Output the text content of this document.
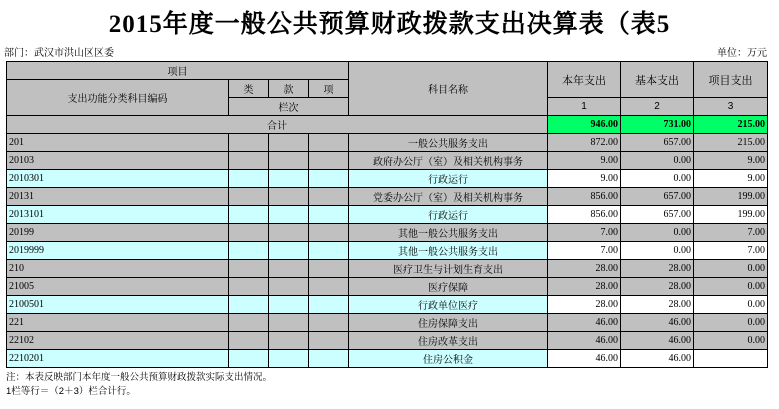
2015年度一般公共预算财政拨款支出决算表（表5
部门：武汉市洪山区区委	单位：万元
项目				科目名称	本年支出	基本支出	项目支出
支出功能分类科目编码	类	款	项				
	栏次				1	2	3
合计					946.00	731.00	215.00
201				一般公共服务支出	872.00	657.00	215.00
20103				政府办公厅（室）及相关机构事务	9.00	0.00	9.00
2010301				行政运行	9.00	0.00	9.00
20131				党委办公厅（室）及相关机构事务	856.00	657.00	199.00
2013101				行政运行	856.00	657.00	199.00
20199				其他一般公共服务支出	7.00	0.00	7.00
2019999				其他一般公共服务支出	7.00	0.00	7.00
210				医疗卫生与计划生育支出	28.00	28.00	0.00
21005				医疗保障	28.00	28.00	0.00
2100501				行政单位医疗	28.00	28.00	0.00
221				住房保障支出	46.00	46.00	0.00
22102				住房改革支出	46.00	46.00	0.00
2210201				住房公积金	46.00	46.00	
注：本表反映部门本年度一般公共预算财政拨款实际支出情况。
1栏等行＝（2＋3）栏合计行。
